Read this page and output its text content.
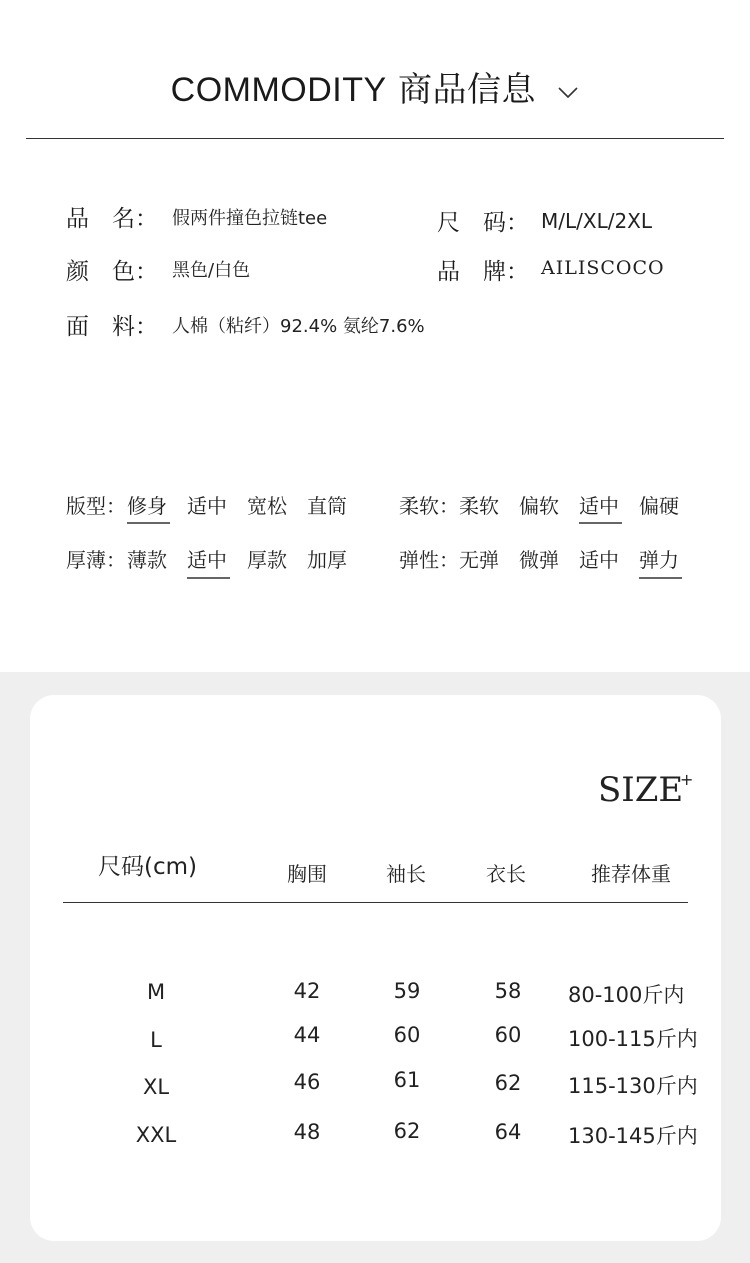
COMMODITY 商品信息
品　名： 假两件撞色拉链tee	尺　码： M/L/XL/2XL
颜　色： 黑色/白色	品　牌： AILISCOCO
面　料： 人棉（粘纤）92.4% 氨纶7.6%
版型： 修身 适中 宽松 直筒	柔软： 柔软 偏软 适中 偏硬
厚薄： 薄款 适中 厚款 加厚	弹性： 无弹 微弹 适中 弹力
SIZE
+
尺码(cm)	胸围	袖长	衣长	推荐体重
M	42	59	58	80-100斤内
L	44	60	60	100-115斤内
XL	46	61	62	115-130斤内
XXL	48	62	64	130-145斤内
